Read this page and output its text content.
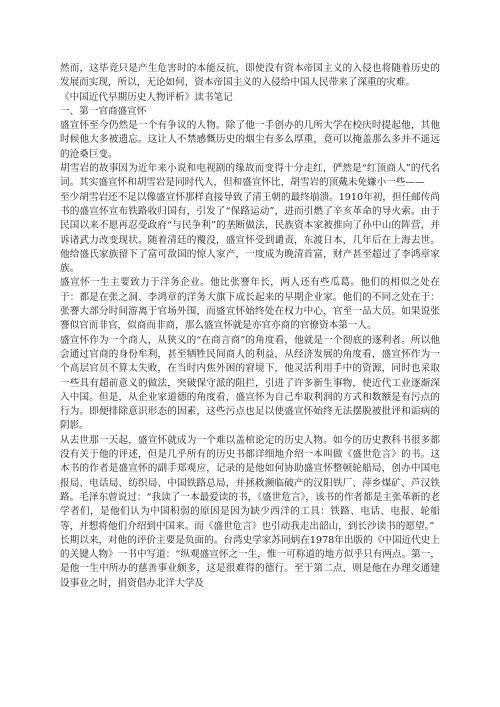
然而，这毕竟只是产生危害时的本能反抗，即使没有资本帝国主义的入侵也将随着历史的发展而实现，所以，无论如何，资本帝国主义的入侵给中国人民带来了深重的灾难。

《中国近代早期历史人物评析》读书笔记

一、第一官商盛宣怀

盛宣怀至今仍然是一个有争议的人物。除了他一手创办的几所大学在校庆时提起他，其他时候他大多被遗忘。这让人不禁感慨历史的烟尘有多么厚重，竟可以掩盖那么多并不遥远的沧桑巨变。

胡雪岩的故事因为近年来小说和电视剧的缘故而变得十分走红，俨然是“红顶商人”的代名词。其实盛宣怀和胡雪岩是同时代人，但和盛宣怀比，胡雪岩的顶戴未免嫌小一些——

至少胡雪岩还不足以像盛宣怀那样直接导致了清王朝的最终崩溃。1910年初，担任邮传尚书的盛宣怀宣布铁路收归国有，引发了“保路运动”，进而引燃了辛亥革命的导火索。由于民国以来不愿再忍受政府“与民争利”的垄断做法，民族资本家被推向了孙中山的阵营，并诉诸武力改变现状。随着清廷的覆没，盛宣怀受到谴责，东渡日本，几年后在上海去世。他给盛氏家族留下了富可敌国的惊人家产，一度成为晚清首富，财产甚至超过了李鸿章家族。

盛宣怀一生主要致力于洋务企业。他比张謇年长，两人还有些瓜葛。他们的相似之处在于：都是在张之洞、李鸿章的洋务大旗下成长起来的早期企业家。他们的不同之处在于：张謇大部分时间游离于官场外围，而盛宣怀始终处在权力中心，官至一品大员。如果说张謇似官而非官，似商而非商，那么盛宣怀就是亦官亦商的官僚资本第一人。

盛宣怀作为一个商人，从狭义的“在商言商”的角度看，他就是一个彻底的逐利者。所以他会通过官商的身份牟利，甚至牺牲民间商人的利益，从经济发展的角度看，盛宣怀作为一个高层官员不算太失败，在当时内焦外困的窘境下，他灵活利用手中的资源，同时也采取一些具有超前意义的做法，突破保守派的阻拦，引进了许多新生事物，使近代工业逐渐深入中国。但是，从企业家道德的角度看，盛宣怀为自己牟取利润的方式和数额是有污点的行为。即便排除意识形态的因素，这些污点也足以使盛宣怀始终无法摆脱被批评和诟病的阴影。

从去世那一天起，盛宣怀就成为一个难以盖棺论定的历史人物。如今的历史教科书很多都没有关于他的评述，但是几乎所有的历史书都详细地介绍一本叫做《盛世危言》的书。这本书的作者是盛宣怀的副手郑观应，记录的是他如何协助盛宣怀整顿轮船局，创办中国电报局、电话局、纺织局、中国铁路总局，并拯救濒临破产的汉阳铁厂、萍乡煤矿、芦汉铁路。毛泽东曾说过：“我读了一本最爱读的书，《盛世危言》，该书的作者都是主张革新的老学者们，是他们认为中国积弱的原因是因为缺少西洋的工具：铁路、电话、电报、轮船等，并想将他们介绍到中国来。而《盛世危言》也引动我走出韶山，到长沙读书的愿望。”

长期以来，对他的评价主要是负面的。台湾史学家苏同炳在1978年出版的《中国近代史上的关键人物》一书中写道：“纵观盛宣怀之一生，惟一可称道的地方似乎只有两点。第一，是他一生中所办的慈善事业颇多，这是很难得的德行。至于第二点，则是他在办理交通建设事业之时，捐资倡办北洋大学及
